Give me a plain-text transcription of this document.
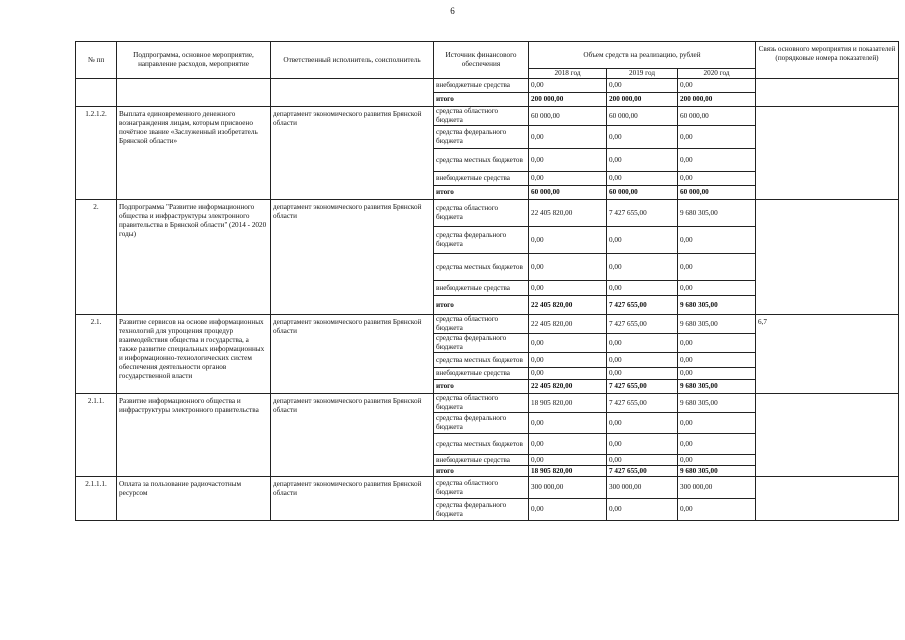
6
№ пп	Подпрограмма, основное мероприятие, направление расходов, мероприятие	Ответственный исполнитель, соисполнитель	Источник финансового обеспечения	Объем средств на реализацию, рублей			Связь основного мероприятия и показателей (порядковые номера показателей)
				2018 год	2019 год	2020 год	
			внебюджетные средства	0,00	0,00	0,00	
			итого	200 000,00	200 000,00	200 000,00	
1.2.1.2.	Выплата единовременного денежного вознаграждения лицам, которым присвоено почётное звание «Заслуженный изобретатель Брянской области»	департамент экономического развития Брянской области	средства областного бюджета	60 000,00	60 000,00	60 000,00	
			средства федерального бюджета	0,00	0,00	0,00	
			средства местных бюджетов	0,00	0,00	0,00	
			внебюджетные средства	0,00	0,00	0,00	
			итого	60 000,00	60 000,00	60 000,00	
2.	Подпрограмма "Развитие информационного общества и инфраструктуры электронного правительства в Брянской области" (2014 - 2020 годы)	департамент экономического развития Брянской области	средства областного бюджета	22 405 820,00	7 427 655,00	9 680 305,00	
			средства федерального бюджета	0,00	0,00	0,00	
			средства местных бюджетов	0,00	0,00	0,00	
			внебюджетные средства	0,00	0,00	0,00	
			итого	22 405 820,00	7 427 655,00	9 680 305,00	
2.1.	Развитие сервисов на основе информационных технологий для упрощения процедур взаимодействия общества и государства, а также развитие специальных информационных и информационно-технологических систем обеспечения деятельности органов государственной власти	департамент экономического развития Брянской области	средства областного бюджета	22 405 820,00	7 427 655,00	9 680 305,00	6,7
			средства федерального бюджета	0,00	0,00	0,00	
			средства местных бюджетов	0,00	0,00	0,00	
			внебюджетные средства	0,00	0,00	0,00	
			итого	22 405 820,00	7 427 655,00	9 680 305,00	
2.1.1.	Развитие информационного общества и инфраструктуры электронного правительства	департамент экономического развития Брянской области	средства областного бюджета	18 905 820,00	7 427 655,00	9 680 305,00	
			средства федерального бюджета	0,00	0,00	0,00	
			средства местных бюджетов	0,00	0,00	0,00	
			внебюджетные средства	0,00	0,00	0,00	
			итого	18 905 820,00	7 427 655,00	9 680 305,00	
2.1.1.1.	Оплата за пользование радиочастотным ресурсом	департамент экономического развития Брянской области	средства областного бюджета	300 000,00	300 000,00	300 000,00	
			средства федерального бюджета	0,00	0,00	0,00	
